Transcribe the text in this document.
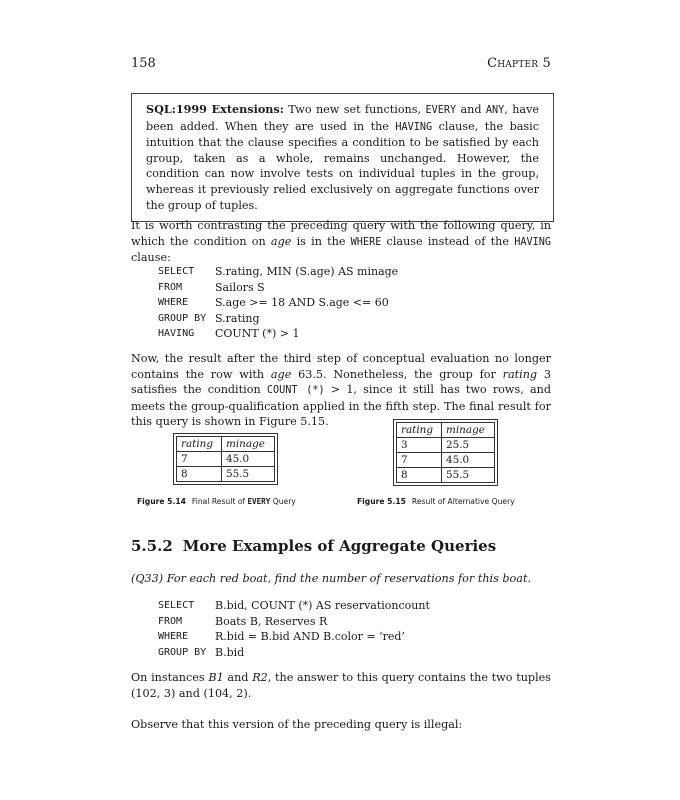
158	Chapter 5
SQL:1999 Extensions: Two new set functions, EVERY and ANY, have been added. When they are used in the HAVING clause, the basic intuition that the clause specifies a condition to be satisfied by each group, taken as a whole, remains unchanged. However, the condition can now involve tests on individual tuples in the group, whereas it previously relied exclusively on aggregate functions over the group of tuples.
It is worth contrasting the preceding query with the following query, in which the condition on age is in the WHERE clause instead of the HAVING clause:
SELECT	S.rating, MIN (S.age) AS minage
FROM	Sailors S
WHERE	S.age >= 18 AND S.age <= 60
GROUP BY S.rating
HAVING	COUNT (*) > 1
Now, the result after the third step of conceptual evaluation no longer contains the row with age 63.5. Nonetheless, the group for rating 3 satisfies the condition COUNT (*) > 1, since it still has two rows, and meets the group-qualification applied in the fifth step. The final result for this query is shown in Figure 5.15.
rating	minage
7	45.0
8	55.5
rating	minage
3	25.5
7	45.0
8	55.5
Figure 5.14 Final Result of EVERY Query	Figure 5.15 Result of Alternative Query
5.5.2 More Examples of Aggregate Queries
(Q33) For each red boat, find the number of reservations for this boat.
SELECT	B.bid, COUNT (*) AS reservationcount
FROM	Boats B, Reserves R
WHERE	R.bid = B.bid AND B.color = ‘red’
GROUP BY B.bid
On instances B1 and R2, the answer to this query contains the two tuples (102, 3) and (104, 2).
Observe that this version of the preceding query is illegal:
